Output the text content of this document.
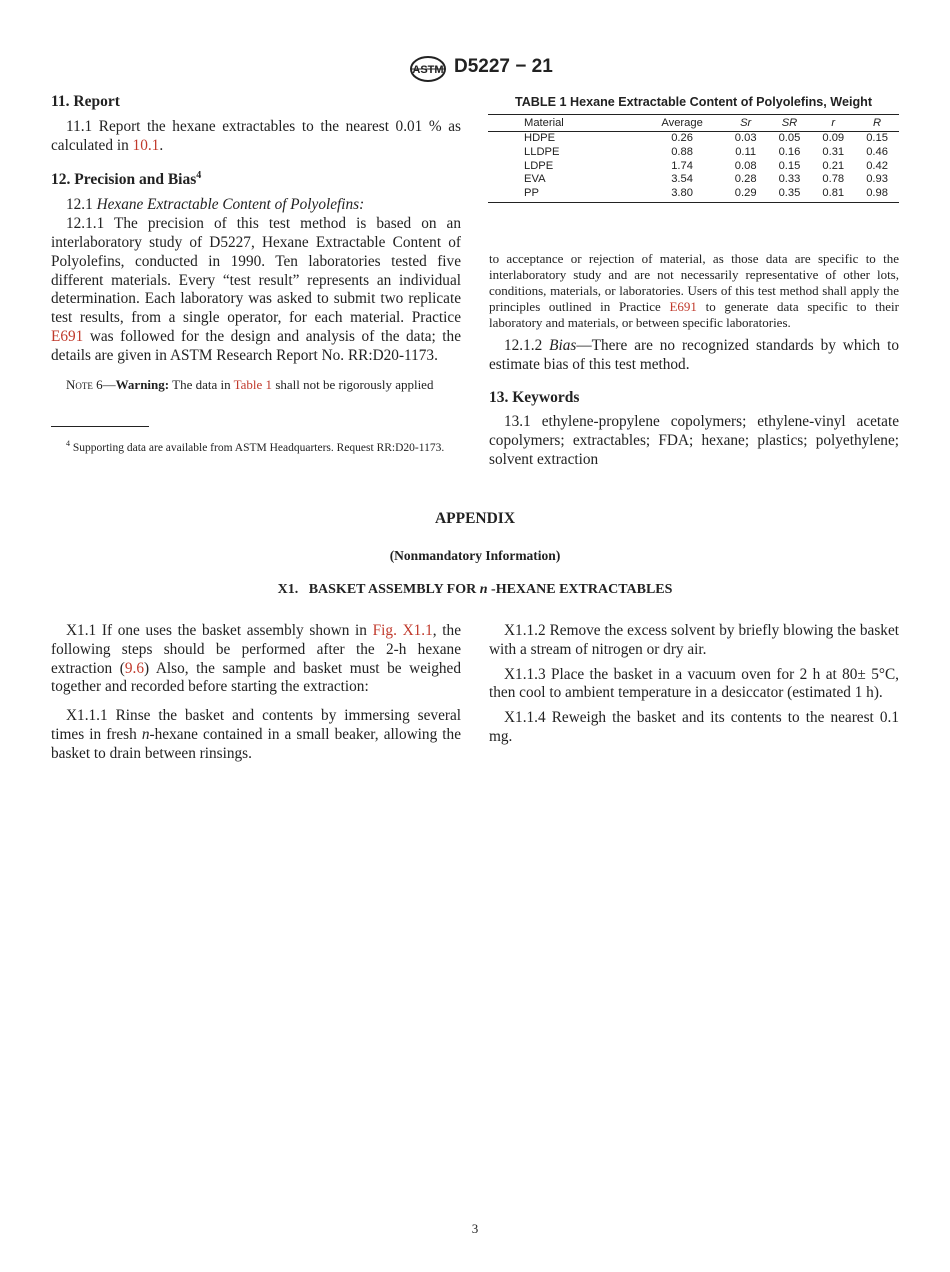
ASTM D5227 − 21

11. Report

11.1 Report the hexane extractables to the nearest 0.01 % as calculated in 10.1.

12. Precision and Bias$^4$

12.1 Hexane Extractable Content of Polyolefins:

12.1.1 The precision of this test method is based on an interlaboratory study of D5227, Hexane Extractable Content of Polyolefins, conducted in 1990. Ten laboratories tested five different materials. Every “test result” represents an individual determination. Each laboratory was asked to submit two replicate test results, from a single operator, for each material. Practice E691 was followed for the design and analysis of the data; the details are given in ASTM Research Report No. RR:D20-1173.

Note 6—Warning: The data in Table 1 shall not be rigorously applied

$^4$ Supporting data are available from ASTM Headquarters. Request RR:D20-1173.

TABLE 1 Hexane Extractable Content of Polyolefins, Weight
Material	Average	Sr	SR	r	R
HDPE	0.26	0.03	0.05	0.09	0.15
LLDPE	0.88	0.11	0.16	0.31	0.46
LDPE	1.74	0.08	0.15	0.21	0.42
EVA	3.54	0.28	0.33	0.78	0.93
PP	3.80	0.29	0.35	0.81	0.98

to acceptance or rejection of material, as those data are specific to the interlaboratory study and are not necessarily representative of other lots, conditions, materials, or laboratories. Users of this test method shall apply the principles outlined in Practice E691 to generate data specific to their laboratory and materials, or between specific laboratories.

12.1.2 Bias—There are no recognized standards by which to estimate bias of this test method.

13. Keywords

13.1 ethylene-propylene copolymers; ethylene-vinyl acetate copolymers; extractables; FDA; hexane; plastics; polyethylene; solvent extraction

APPENDIX
(Nonmandatory Information)
X1.   BASKET ASSEMBLY FOR n -HEXANE EXTRACTABLES

X1.1 If one uses the basket assembly shown in Fig. X1.1, the following steps should be performed after the 2-h hexane extraction (9.6) Also, the sample and basket must be weighed together and recorded before starting the extraction:

X1.1.1 Rinse the basket and contents by immersing several times in fresh n-hexane contained in a small beaker, allowing the basket to drain between rinsings.

X1.1.2 Remove the excess solvent by briefly blowing the basket with a stream of nitrogen or dry air.

X1.1.3 Place the basket in a vacuum oven for 2 h at 80± 5°C, then cool to ambient temperature in a desiccator (estimated 1 h).

X1.1.4 Reweigh the basket and its contents to the nearest 0.1 mg.

3
